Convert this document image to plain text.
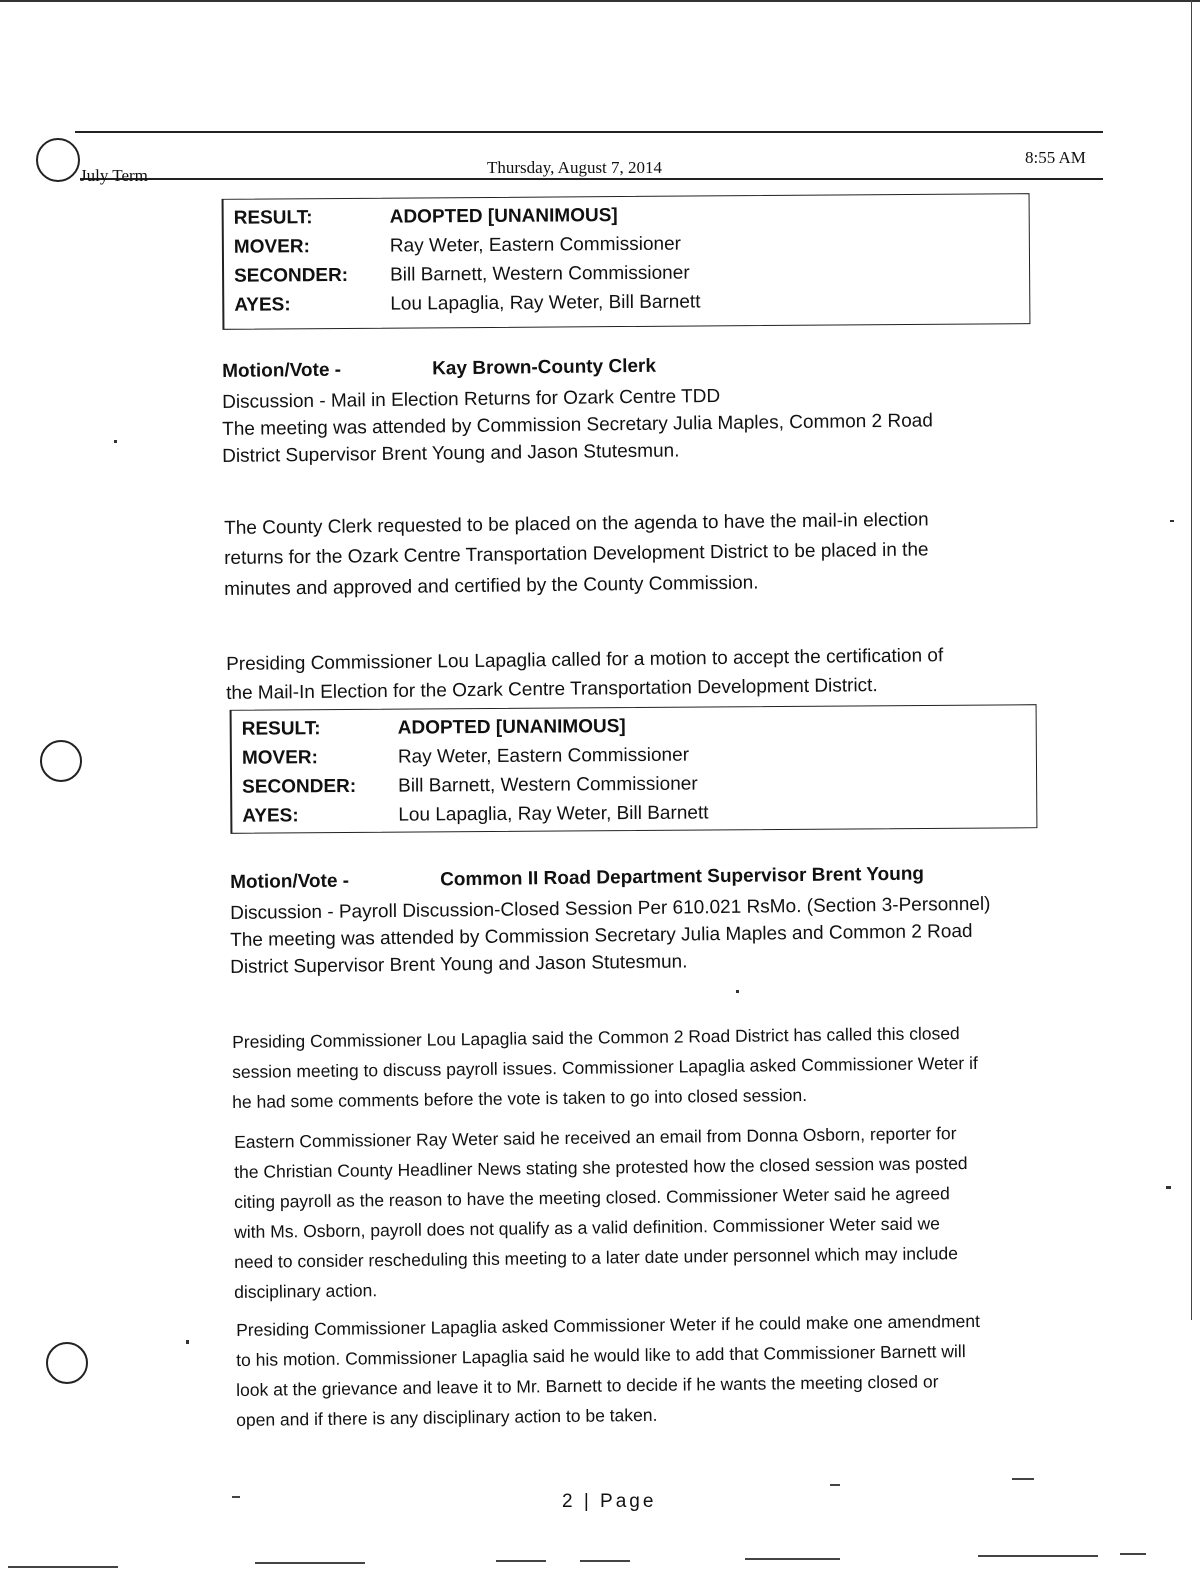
July Term	Thursday, August 7, 2014
8:55 AM
RESULT:	ADOPTED [UNANIMOUS]
MOVER:	Ray Weter, Eastern Commissioner
SECONDER:	Bill Barnett, Western Commissioner
AYES:	Lou Lapaglia, Ray Weter, Bill Barnett
Motion/Vote -	Kay Brown-County Clerk
Discussion - Mail in Election Returns for Ozark Centre TDD
The meeting was attended by Commission Secretary Julia Maples, Common 2 Road
District Supervisor Brent Young and Jason Stutesmun.
The County Clerk requested to be placed on the agenda to have the mail-in election
returns for the Ozark Centre Transportation Development District to be placed in the
minutes and approved and certified by the County Commission.
Presiding Commissioner Lou Lapaglia called for a motion to accept the certification of
the Mail-In Election for the Ozark Centre Transportation Development District.
RESULT:	ADOPTED [UNANIMOUS]
MOVER:	Ray Weter, Eastern Commissioner
SECONDER:	Bill Barnett, Western Commissioner
AYES:	Lou Lapaglia, Ray Weter, Bill Barnett
Motion/Vote -	Common II Road Department Supervisor Brent Young
Discussion - Payroll Discussion-Closed Session Per 610.021 RsMo. (Section 3-Personnel)
The meeting was attended by Commission Secretary Julia Maples and Common 2 Road
District Supervisor Brent Young and Jason Stutesmun.
Presiding Commissioner Lou Lapaglia said the Common 2 Road District has called this closed
session meeting to discuss payroll issues. Commissioner Lapaglia asked Commissioner Weter if
he had some comments before the vote is taken to go into closed session.
Eastern Commissioner Ray Weter said he received an email from Donna Osborn, reporter for
the Christian County Headliner News stating she protested how the closed session was posted
citing payroll as the reason to have the meeting closed. Commissioner Weter said he agreed
with Ms. Osborn, payroll does not qualify as a valid definition. Commissioner Weter said we
need to consider rescheduling this meeting to a later date under personnel which may include
disciplinary action.
Presiding Commissioner Lapaglia asked Commissioner Weter if he could make one amendment
to his motion. Commissioner Lapaglia said he would like to add that Commissioner Barnett will
look at the grievance and leave it to Mr. Barnett to decide if he wants the meeting closed or
open and if there is any disciplinary action to be taken.
2 | Page
